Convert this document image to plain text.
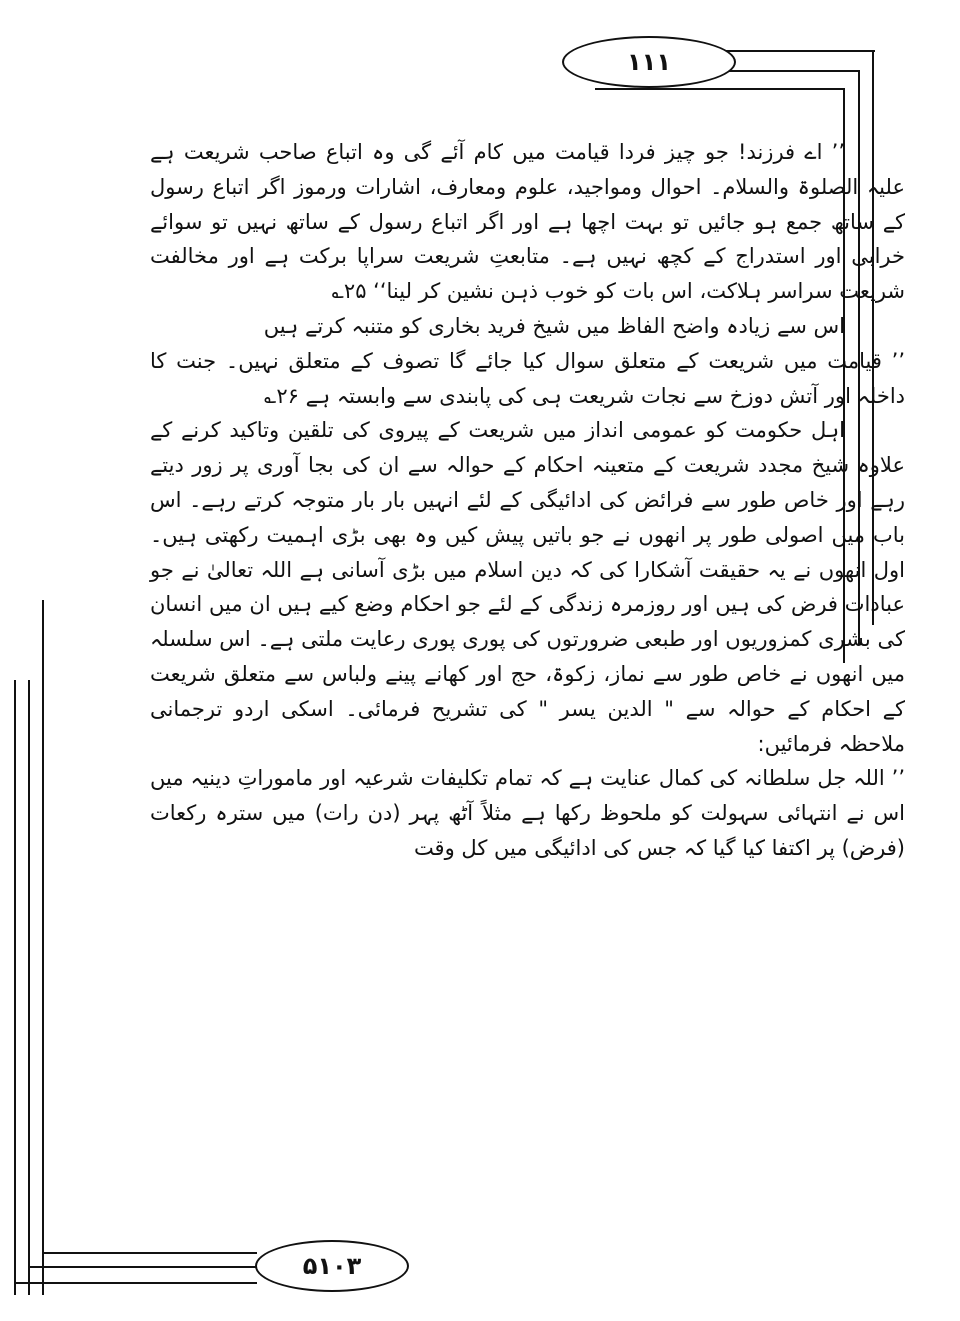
۱۱۱
۵۱۰۳

’’ اے فرزند! جو چیز فردا قیامت میں کام آئے گی وہ اتباع صاحب شریعت ہے علیہ الصلوۃ والسلام۔ احوال ومواجید، علوم ومعارف، اشارات ورموز اگر اتباع رسول کے ساتھ جمع ہو جائیں تو بہت اچھا ہے اور اگر اتباع رسول کے ساتھ نہیں تو سوائے خرابی اور استدراج کے کچھ نہیں ہے۔ متابعتِ شریعت سراپا برکت ہے اور مخالفت شریعت سراسر ہلاکت، اس بات کو خوب ذہن نشین کر لینا‘‘ ۲۵؎

اس سے زیادہ واضح الفاظ میں شیخ فرید بخاری کو متنبہ کرتے ہیں

’’ قیامت میں شریعت کے متعلق سوال کیا جائے گا تصوف کے متعلق نہیں۔ جنت کا داخلہ اور آتش دوزخ سے نجات شریعت ہی کی پابندی سے وابستہ ہے ۲۶؎

اہل حکومت کو عمومی انداز میں شریعت کے پیروی کی تلقین وتاکید کرنے کے علاوہ شیخ مجدد شریعت کے متعینہ احکام کے حوالہ سے ان کی بجا آوری پر زور دیتے رہے اور خاص طور سے فرائض کی ادائیگی کے لئے انہیں بار بار متوجہ کرتے رہے۔ اس باب میں اصولی طور پر انھوں نے جو باتیں پیش کیں وہ بھی بڑی اہمیت رکھتی ہیں۔ اول انھوں نے یہ حقیقت آشکارا کی کہ دین اسلام میں بڑی آسانی ہے اللہ تعالیٰ نے جو عبادات فرض کی ہیں اور روزمرہ زندگی کے لئے جو احکام وضع کیے ہیں ان میں انسان کی بشری کمزوریوں اور طبعی ضرورتوں کی پوری پوری رعایت ملتی ہے۔ اس سلسلہ میں انھوں نے خاص طور سے نماز، زکوۃ، حج اور کھانے پینے ولباس سے متعلق شریعت کے احکام کے حوالہ سے " الدین یسر " کی تشریح فرمائی۔ اسکی اردو ترجمانی ملاحظہ فرمائیں:

’’ اللہ جل سلطانہ کی کمال عنایت ہے کہ تمام تکلیفات شرعیہ اور ماموراتِ دینیہ میں اس نے انتہائی سہولت کو ملحوظ رکھا ہے مثلاً آٹھ پہر (دن رات) میں سترہ رکعات (فرض) پر اکتفا کیا گیا کہ جس کی ادائیگی میں کل وقت
